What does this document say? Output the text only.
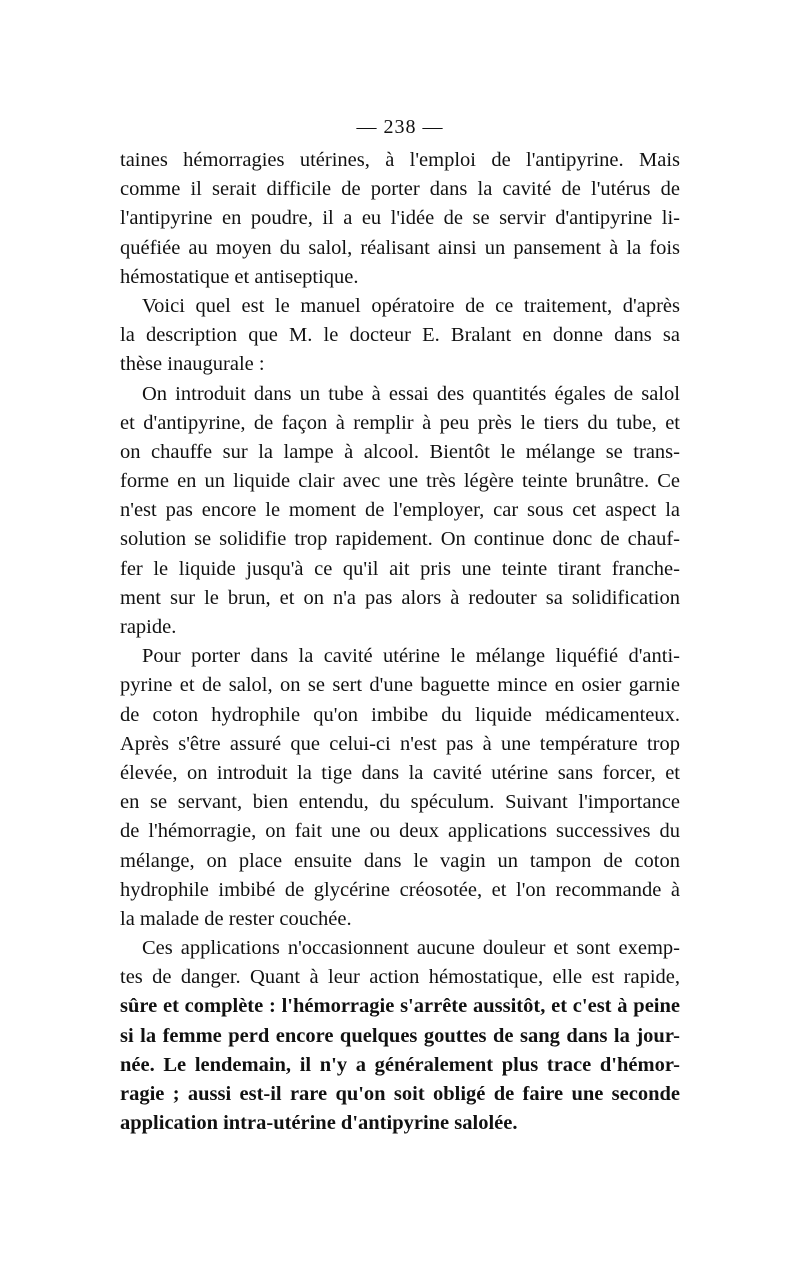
— 238 —
taines hémorragies utérines, à l'emploi de l'antipyrine. Mais
comme il serait difficile de porter dans la cavité de l'utérus de
l'antipyrine en poudre, il a eu l'idée de se servir d'antipyrine li-
quéfiée au moyen du salol, réalisant ainsi un pansement à la fois
hémostatique et antiseptique.
Voici quel est le manuel opératoire de ce traitement, d'après
la description que M. le docteur E. Bralant en donne dans sa
thèse inaugurale :
On introduit dans un tube à essai des quantités égales de salol
et d'antipyrine, de façon à remplir à peu près le tiers du tube, et
on chauffe sur la lampe à alcool. Bientôt le mélange se trans-
forme en un liquide clair avec une très légère teinte brunâtre. Ce
n'est pas encore le moment de l'employer, car sous cet aspect la
solution se solidifie trop rapidement. On continue donc de chauf-
fer le liquide jusqu'à ce qu'il ait pris une teinte tirant franche-
ment sur le brun, et on n'a pas alors à redouter sa solidification
rapide.
Pour porter dans la cavité utérine le mélange liquéfié d'anti-
pyrine et de salol, on se sert d'une baguette mince en osier garnie
de coton hydrophile qu'on imbibe du liquide médicamenteux.
Après s'être assuré que celui-ci n'est pas à une température trop
élevée, on introduit la tige dans la cavité utérine sans forcer, et
en se servant, bien entendu, du spéculum. Suivant l'importance
de l'hémorragie, on fait une ou deux applications successives du
mélange, on place ensuite dans le vagin un tampon de coton
hydrophile imbibé de glycérine créosotée, et l'on recommande à
la malade de rester couchée.
Ces applications n'occasionnent aucune douleur et sont exemp-
tes de danger. Quant à leur action hémostatique, elle est rapide,
sûre et complète : l'hémorragie s'arrête aussitôt, et c'est à peine
si la femme perd encore quelques gouttes de sang dans la jour-
née. Le lendemain, il n'y a généralement plus trace d'hémor-
ragie ; aussi est-il rare qu'on soit obligé de faire une seconde
application intra-utérine d'antipyrine salolée.
